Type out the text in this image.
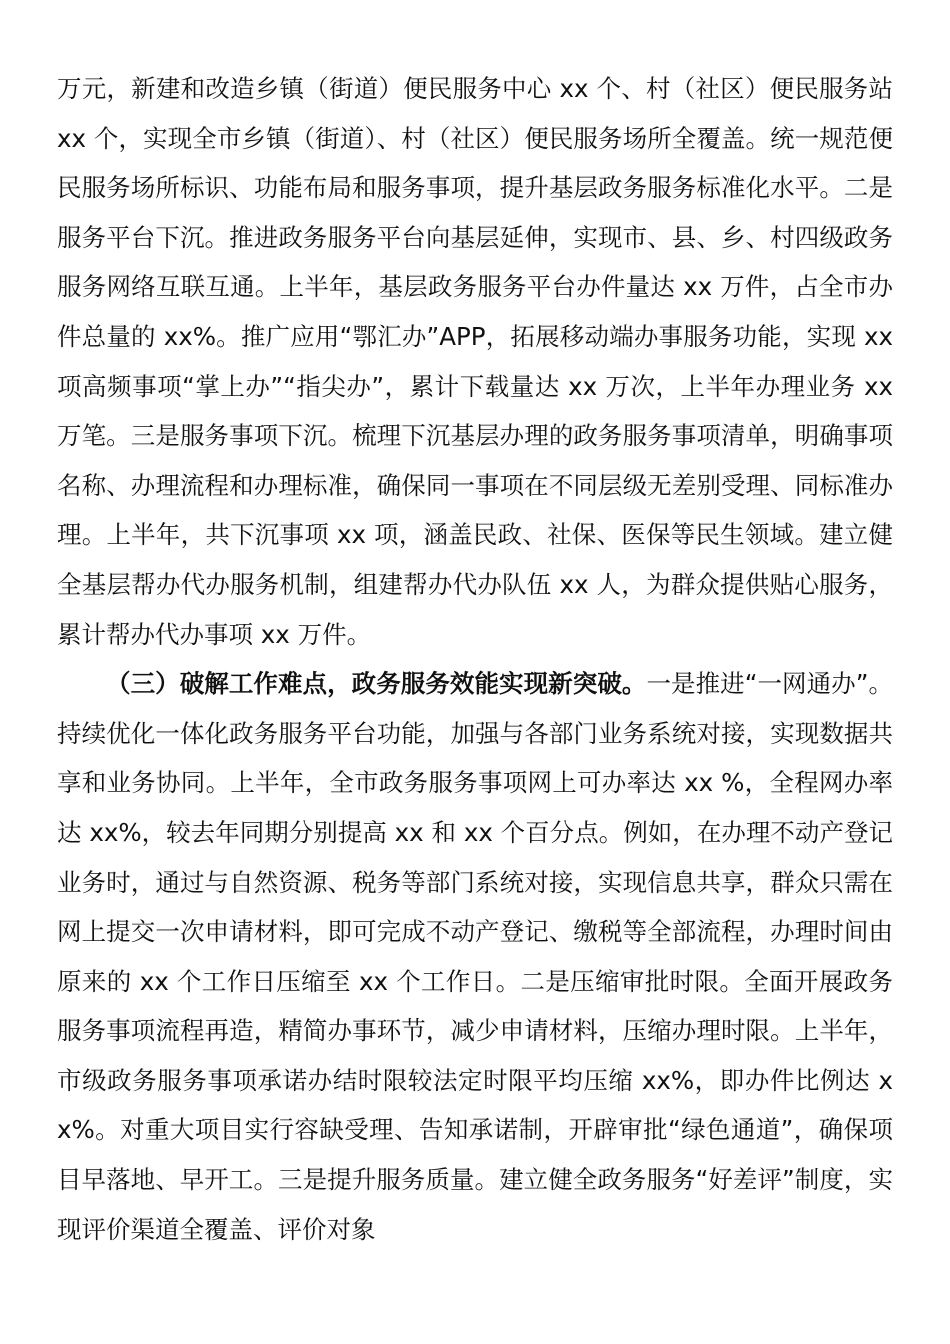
万元，新建和改造乡镇（街道）便民服务中心 xx 个、村（社区）便民服务站 xx 个，实现全市乡镇（街道）、村（社区）便民服务场所全覆盖。统一规范便民服务场所标识、功能布局和服务事项，提升基层政务服务标准化水平。二是服务平台下沉。推进政务服务平台向基层延伸，实现市、县、乡、村四级政务服务网络互联互通。上半年，基层政务服务平台办件量达 xx 万件，占全市办件总量的 xx%。推广应用“鄂汇办”APP，拓展移动端办事服务功能，实现 xx 项高频事项“掌上办”“指尖办”，累计下载量达 xx 万次，上半年办理业务 xx 万笔。三是服务事项下沉。梳理下沉基层办理的政务服务事项清单，明确事项名称、办理流程和办理标准，确保同一事项在不同层级无差别受理、同标准办理。上半年，共下沉事项 xx 项，涵盖民政、社保、医保等民生领域。建立健全基层帮办代办服务机制，组建帮办代办队伍 xx 人，为群众提供贴心服务，累计帮办代办事项 xx 万件。

（三）破解工作难点，政务服务效能实现新突破。一是推进“一网通办”。持续优化一体化政务服务平台功能，加强与各部门业务系统对接，实现数据共享和业务协同。上半年，全市政务服务事项网上可办率达 xx %，全程网办率达 xx%，较去年同期分别提高 xx 和 xx 个百分点。例如，在办理不动产登记业务时，通过与自然资源、税务等部门系统对接，实现信息共享，群众只需在网上提交一次申请材料，即可完成不动产登记、缴税等全部流程，办理时间由原来的 xx 个工作日压缩至 xx 个工作日。二是压缩审批时限。全面开展政务服务事项流程再造，精简办事环节，减少申请材料，压缩办理时限。上半年，市级政务服务事项承诺办结时限较法定时限平均压缩 xx%，即办件比例达 xx%。对重大项目实行容缺受理、告知承诺制，开辟审批“绿色通道”，确保项目早落地、早开工。三是提升服务质量。建立健全政务服务“好差评”制度，实现评价渠道全覆盖、评价对象
